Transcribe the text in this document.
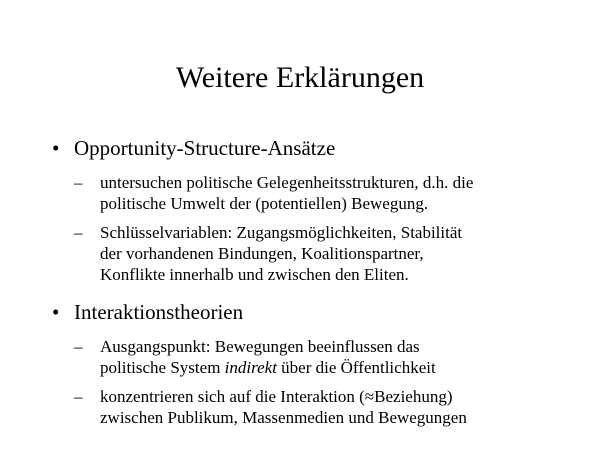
Weitere Erklärungen
• Opportunity-Structure-Ansätze
– untersuchen politische Gelegenheitsstrukturen, d.h. die
politische Umwelt der (potentiellen) Bewegung.
– Schlüsselvariablen: Zugangsmöglichkeiten, Stabilität
der vorhandenen Bindungen, Koalitionspartner,
Konflikte innerhalb und zwischen den Eliten.
• Interaktionstheorien
– Ausgangspunkt: Bewegungen beeinflussen das
politische System indirekt über die Öffentlichkeit
– konzentrieren sich auf die Interaktion (≈Beziehung)
zwischen Publikum, Massenmedien und Bewegungen
